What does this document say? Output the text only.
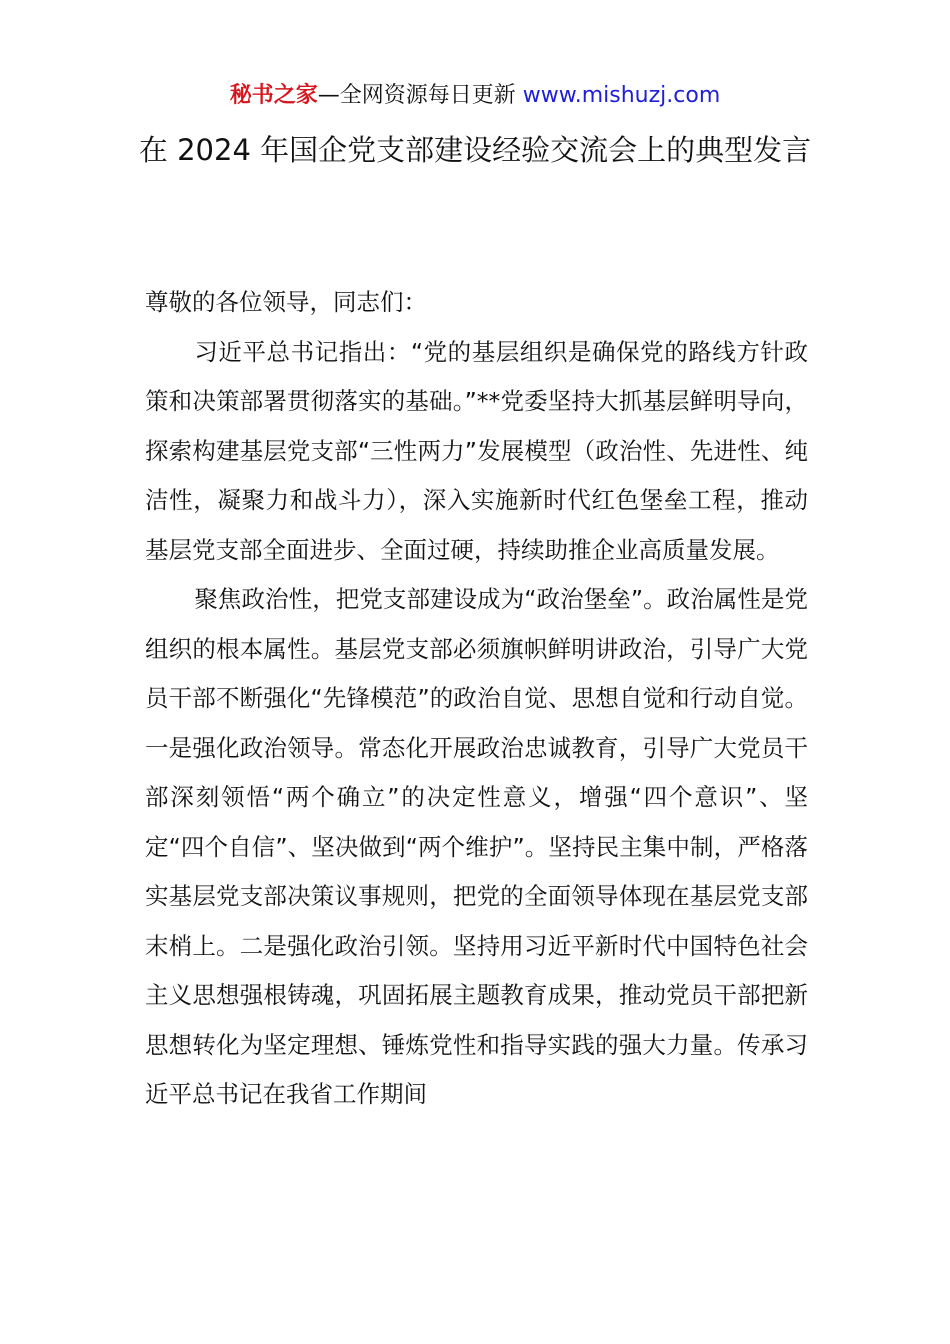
秘书之家—全网资源每日更新 www.mishuzj.com
在 2024 年国企党支部建设经验交流会上的典型发言

尊敬的各位领导，同志们：

习近平总书记指出：“党的基层组织是确保党的路线方针政策和决策部署贯彻落实的基础。”**党委坚持大抓基层鲜明导向，探索构建基层党支部“三性两力”发展模型（政治性、先进性、纯洁性，凝聚力和战斗力），深入实施新时代红色堡垒工程，推动基层党支部全面进步、全面过硬，持续助推企业高质量发展。

聚焦政治性，把党支部建设成为“政治堡垒”。政治属性是党组织的根本属性。基层党支部必须旗帜鲜明讲政治，引导广大党员干部不断强化“先锋模范”的政治自觉、思想自觉和行动自觉。一是强化政治领导。常态化开展政治忠诚教育，引导广大党员干部深刻领悟“两个确立”的决定性意义，增强“四个意识”、坚定“四个自信”、坚决做到“两个维护”。坚持民主集中制，严格落实基层党支部决策议事规则，把党的全面领导体现在基层党支部末梢上。二是强化政治引领。坚持用习近平新时代中国特色社会主义思想强根铸魂，巩固拓展主题教育成果，推动党员干部把新思想转化为坚定理想、锤炼党性和指导实践的强大力量。传承习近平总书记在我省工作期间
